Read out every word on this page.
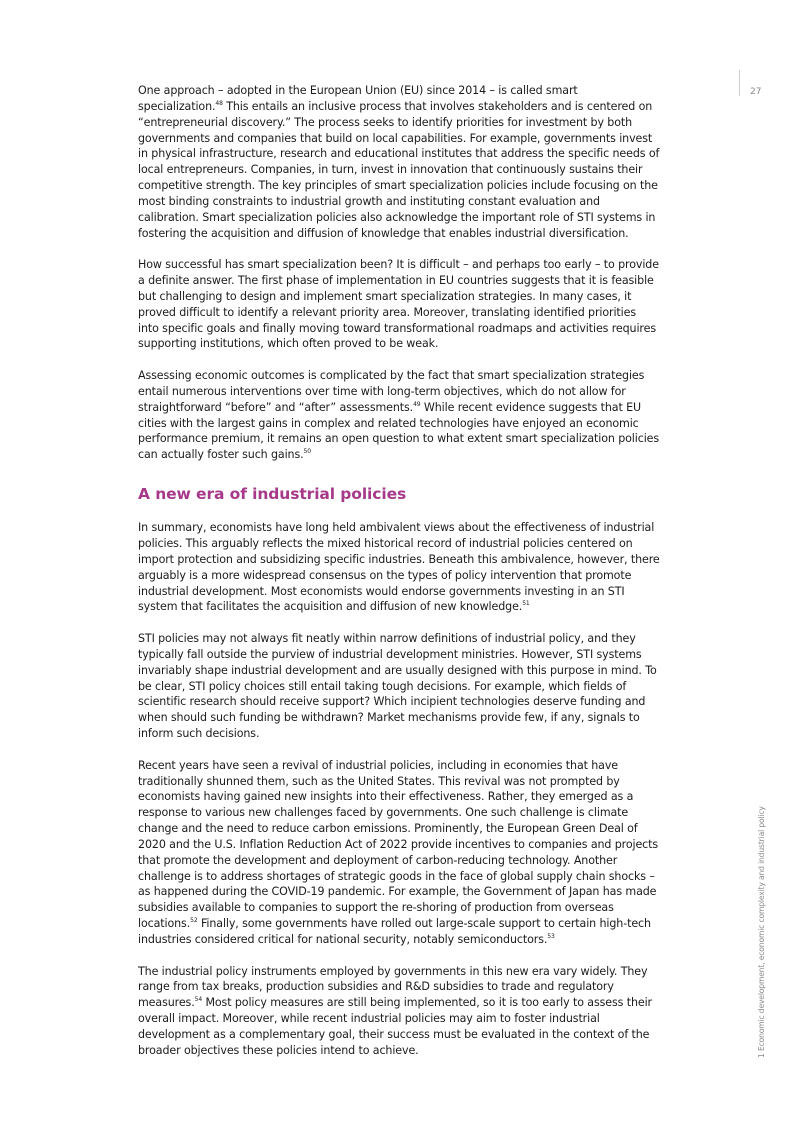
27
1 Economic development, economic complexity and industrial policy

One approach – adopted in the European Union (EU) since 2014 – is called smart specialization.$^{48}$ This entails an inclusive process that involves stakeholders and is centered on “entrepreneurial discovery.” The process seeks to identify priorities for investment by both governments and companies that build on local capabilities. For example, governments invest in physical infrastructure, research and educational institutes that address the specific needs of local entrepreneurs. Companies, in turn, invest in innovation that continuously sustains their competitive strength. The key principles of smart specialization policies include focusing on the most binding constraints to industrial growth and instituting constant evaluation and calibration. Smart specialization policies also acknowledge the important role of STI systems in fostering the acquisition and diffusion of knowledge that enables industrial diversification.

How successful has smart specialization been? It is difficult – and perhaps too early – to provide a definite answer. The first phase of implementation in EU countries suggests that it is feasible but challenging to design and implement smart specialization strategies. In many cases, it proved difficult to identify a relevant priority area. Moreover, translating identified priorities into specific goals and finally moving toward transformational roadmaps and activities requires supporting institutions, which often proved to be weak.

Assessing economic outcomes is complicated by the fact that smart specialization strategies entail numerous interventions over time with long-term objectives, which do not allow for straightforward “before” and “after” assessments.$^{49}$ While recent evidence suggests that EU cities with the largest gains in complex and related technologies have enjoyed an economic performance premium, it remains an open question to what extent smart specialization policies can actually foster such gains.$^{50}$

A new era of industrial policies

In summary, economists have long held ambivalent views about the effectiveness of industrial policies. This arguably reflects the mixed historical record of industrial policies centered on import protection and subsidizing specific industries. Beneath this ambivalence, however, there arguably is a more widespread consensus on the types of policy intervention that promote industrial development. Most economists would endorse governments investing in an STI system that facilitates the acquisition and diffusion of new knowledge.$^{51}$

STI policies may not always fit neatly within narrow definitions of industrial policy, and they typically fall outside the purview of industrial development ministries. However, STI systems invariably shape industrial development and are usually designed with this purpose in mind. To be clear, STI policy choices still entail taking tough decisions. For example, which fields of scientific research should receive support? Which incipient technologies deserve funding and when should such funding be withdrawn? Market mechanisms provide few, if any, signals to inform such decisions.

Recent years have seen a revival of industrial policies, including in economies that have traditionally shunned them, such as the United States. This revival was not prompted by economists having gained new insights into their effectiveness. Rather, they emerged as a response to various new challenges faced by governments. One such challenge is climate change and the need to reduce carbon emissions. Prominently, the European Green Deal of 2020 and the U.S. Inflation Reduction Act of 2022 provide incentives to companies and projects that promote the development and deployment of carbon-reducing technology. Another challenge is to address shortages of strategic goods in the face of global supply chain shocks – as happened during the COVID-19 pandemic. For example, the Government of Japan has made subsidies available to companies to support the re-shoring of production from overseas locations.$^{52}$ Finally, some governments have rolled out large-scale support to certain high-tech industries considered critical for national security, notably semiconductors.$^{53}$

The industrial policy instruments employed by governments in this new era vary widely. They range from tax breaks, production subsidies and R&D subsidies to trade and regulatory measures.$^{54}$ Most policy measures are still being implemented, so it is too early to assess their overall impact. Moreover, while recent industrial policies may aim to foster industrial development as a complementary goal, their success must be evaluated in the context of the broader objectives these policies intend to achieve.
